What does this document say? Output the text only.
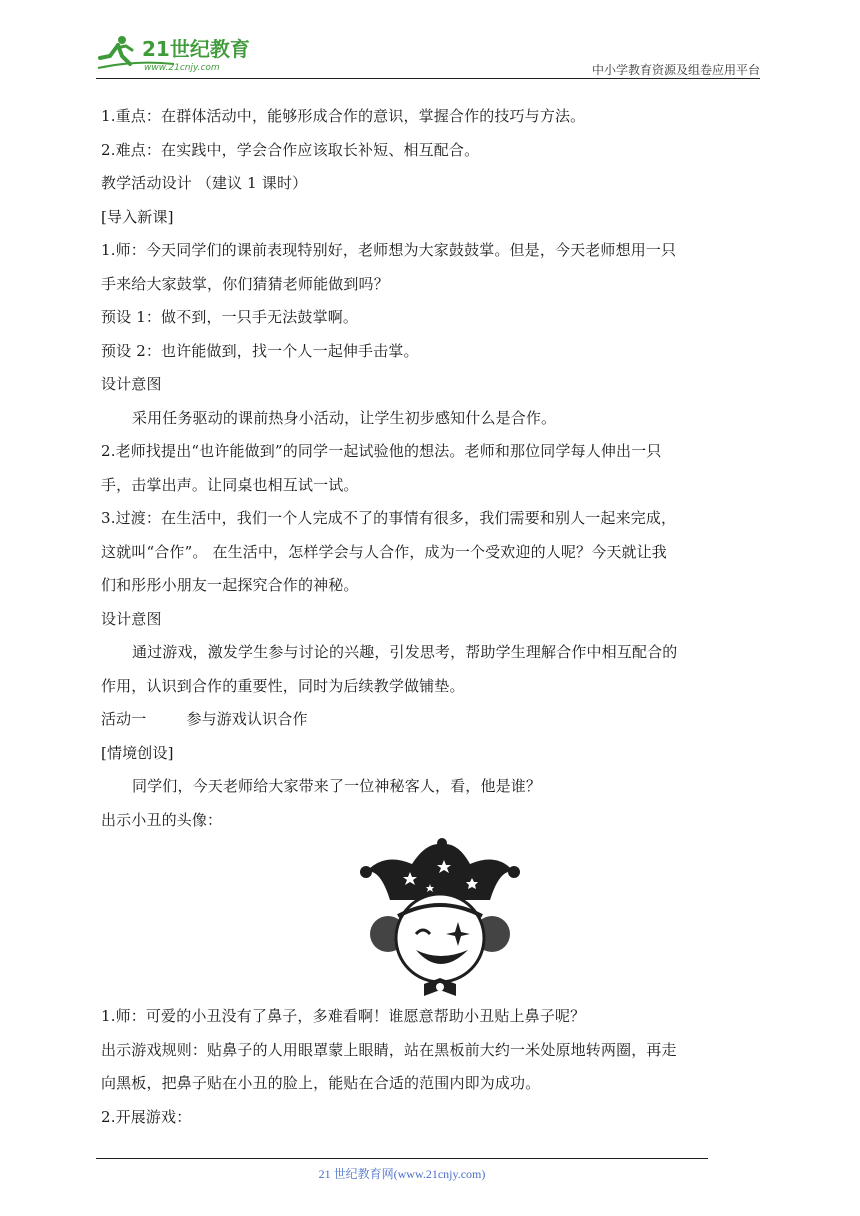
21世纪教育
www.21cnjy.com	中小学教育资源及组卷应用平台
1.重点：在群体活动中，能够形成合作的意识，掌握合作的技巧与方法。
2.难点：在实践中，学会合作应该取长补短、相互配合。
教学活动设计 （建议 1 课时）
[导入新课]
1.师：今天同学们的课前表现特别好，老师想为大家鼓鼓掌。但是，今天老师想用一只
手来给大家鼓掌，你们猜猜老师能做到吗？
预设 1：做不到，一只手无法鼓掌啊。
预设 2：也许能做到，找一个人一起伸手击掌。
设计意图
采用任务驱动的课前热身小活动，让学生初步感知什么是合作。
2.老师找提出“也许能做到”的同学一起试验他的想法。老师和那位同学每人伸出一只
手，击掌出声。让同桌也相互试一试。
3.过渡：在生活中，我们一个人完成不了的事情有很多，我们需要和别人一起来完成，
这就叫“合作”。 在生活中，怎样学会与人合作，成为一个受欢迎的人呢？今天就让我
们和彤彤小朋友一起探究合作的神秘。
设计意图
通过游戏，激发学生参与讨论的兴趣，引发思考，帮助学生理解合作中相互配合的
作用，认识到合作的重要性，同时为后续教学做铺垫。
活动一	参与游戏认识合作
[情境创设]
同学们，今天老师给大家带来了一位神秘客人，看，他是谁？
出示小丑的头像：
1.师：可爱的小丑没有了鼻子，多难看啊！谁愿意帮助小丑贴上鼻子呢？
出示游戏规则：贴鼻子的人用眼罩蒙上眼睛，站在黑板前大约一米处原地转两圈，再走
向黑板，把鼻子贴在小丑的脸上，能贴在合适的范围内即为成功。
2.开展游戏：
21 世纪教育网(www.21cnjy.com)
